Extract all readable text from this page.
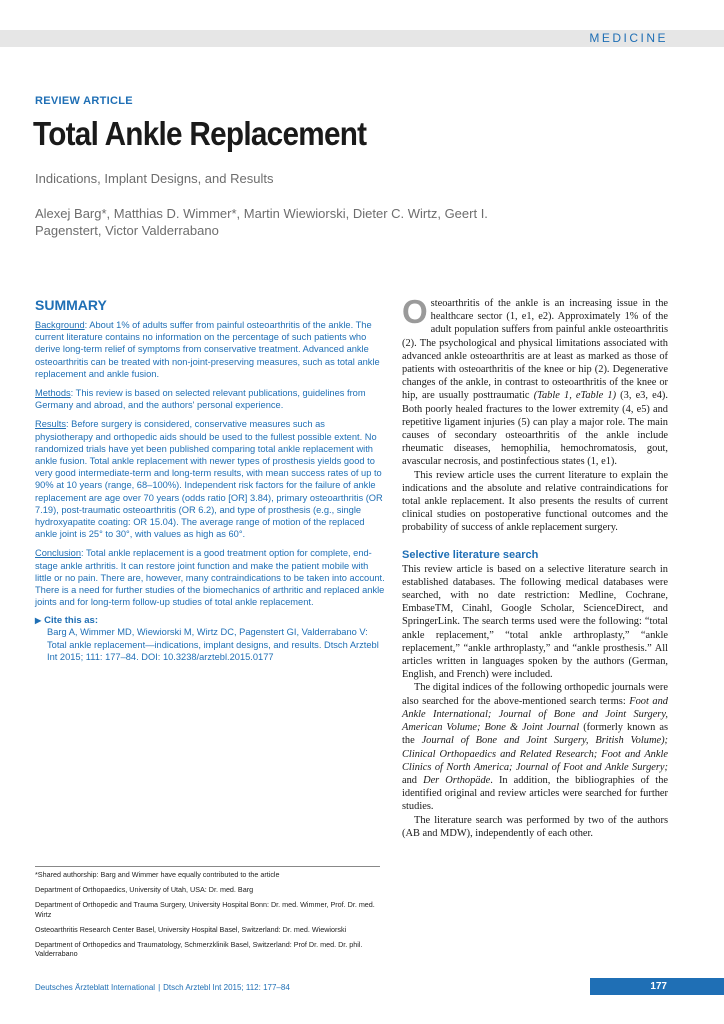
MEDICINE
REVIEW ARTICLE
Total Ankle Replacement
Indications, Implant Designs, and Results
Alexej Barg*, Matthias D. Wimmer*, Martin Wiewiorski, Dieter C. Wirtz, Geert I. Pagenstert, Victor Valderrabano
SUMMARY

Background: About 1% of adults suffer from painful osteoarthritis of the ankle. The current literature contains no information on the percentage of such patients who derive long-term relief of symptoms from conservative treatment. Advanced ankle osteoarthritis can be treated with non-joint-preserving measures, such as total ankle replacement and ankle fusion.

Methods: This review is based on selected relevant publications, guidelines from Germany and abroad, and the authors' personal experience.

Results: Before surgery is considered, conservative measures such as physiotherapy and orthopedic aids should be used to the fullest possible extent. No randomized trials have yet been published comparing total ankle replacement with ankle fusion. Total ankle replacement with newer types of prosthesis yields good to very good intermediate-term and long-term results, with mean success rates of up to 90% at 10 years (range, 68–100%). Independent risk factors for the failure of ankle replacement are age over 70 years (odds ratio [OR] 3.84), primary osteoarthritis (OR 7.19), post-traumatic osteoarthritis (OR 6.2), and type of prosthesis (e.g., single hydroxyapatite coating: OR 15.04). The average range of motion of the replaced ankle joint is 25° to 30°, with values as high as 60°.

Conclusion: Total ankle replacement is a good treatment option for complete, end-stage ankle arthritis. It can restore joint function and make the patient mobile with little or no pain. There are, however, many contraindications to be taken into account. There is a need for further studies of the biomechanics of arthritic and replaced ankle joints and for long-term follow-up studies of total ankle replacement.

▶ Cite this as:
Barg A, Wimmer MD, Wiewiorski M, Wirtz DC, Pagenstert GI, Valderrabano V: Total ankle replacement—indications, implant designs, and results. Dtsch Arztebl Int 2015; 111: 177–84. DOI: 10.3238/arztebl.2015.0177

*Shared authorship: Barg and Wimmer have equally contributed to the article

Department of Orthopaedics, University of Utah, USA: Dr. med. Barg

Department of Orthopedic and Trauma Surgery, University Hospital Bonn: Dr. med. Wimmer, Prof. Dr. med. Wirtz

Osteoarthritis Research Center Basel, University Hospital Basel, Switzerland: Dr. med. Wiewiorski

Department of Orthopedics and Traumatology, Schmerzklinik Basel, Switzerland: Prof Dr. med. Dr. phil. Valderrabano

Osteoarthritis of the ankle is an increasing issue in the healthcare sector (1, e1, e2). Approximately 1% of the adult population suffers from painful ankle osteoarthritis (2). The psychological and physical limitations associated with advanced ankle osteoarthritis are at least as marked as those of patients with osteoarthritis of the knee or hip (2). Degenerative changes of the ankle, in contrast to osteoarthritis of the knee or hip, are usually posttraumatic (Table 1, eTable 1) (3, e3, e4). Both poorly healed fractures to the lower extremity (4, e5) and repetitive ligament injuries (5) can play a major role. The main causes of secondary osteoarthritis of the ankle include rheumatic diseases, hemophilia, hemochromatosis, gout, avascular necrosis, and postinfectious states (1, e1).

This review article uses the current literature to explain the indications and the absolute and relative contraindications for total ankle replacement. It also presents the results of current clinical studies on postoperative functional outcomes and the probability of success of ankle replacement surgery.

Selective literature search

This review article is based on a selective literature search in established databases. The following medical databases were searched, with no date restriction: Medline, Cochrane, EmbaseTM, Cinahl, Google Scholar, ScienceDirect, and SpringerLink. The search terms used were the following: “total ankle replacement,” “total ankle arthroplasty,” “ankle replacement,” “ankle arthroplasty,” and “ankle prosthesis.” All articles written in languages spoken by the authors (German, English, and French) were included.

The digital indices of the following orthopedic journals were also searched for the above-mentioned search terms: Foot and Ankle International; Journal of Bone and Joint Surgery, American Volume; Bone & Joint Journal (formerly known as the Journal of Bone and Joint Surgery, British Volume); Clinical Orthopaedics and Related Research; Foot and Ankle Clinics of North America; Journal of Foot and Ankle Surgery; and Der Orthopäde. In addition, the bibliographies of the identified original and review articles were searched for further studies.

The literature search was performed by two of the authors (AB and MDW), independently of each other.

Deutsches Ärzteblatt International | Dtsch Arztebl Int 2015; 112: 177–84	177
